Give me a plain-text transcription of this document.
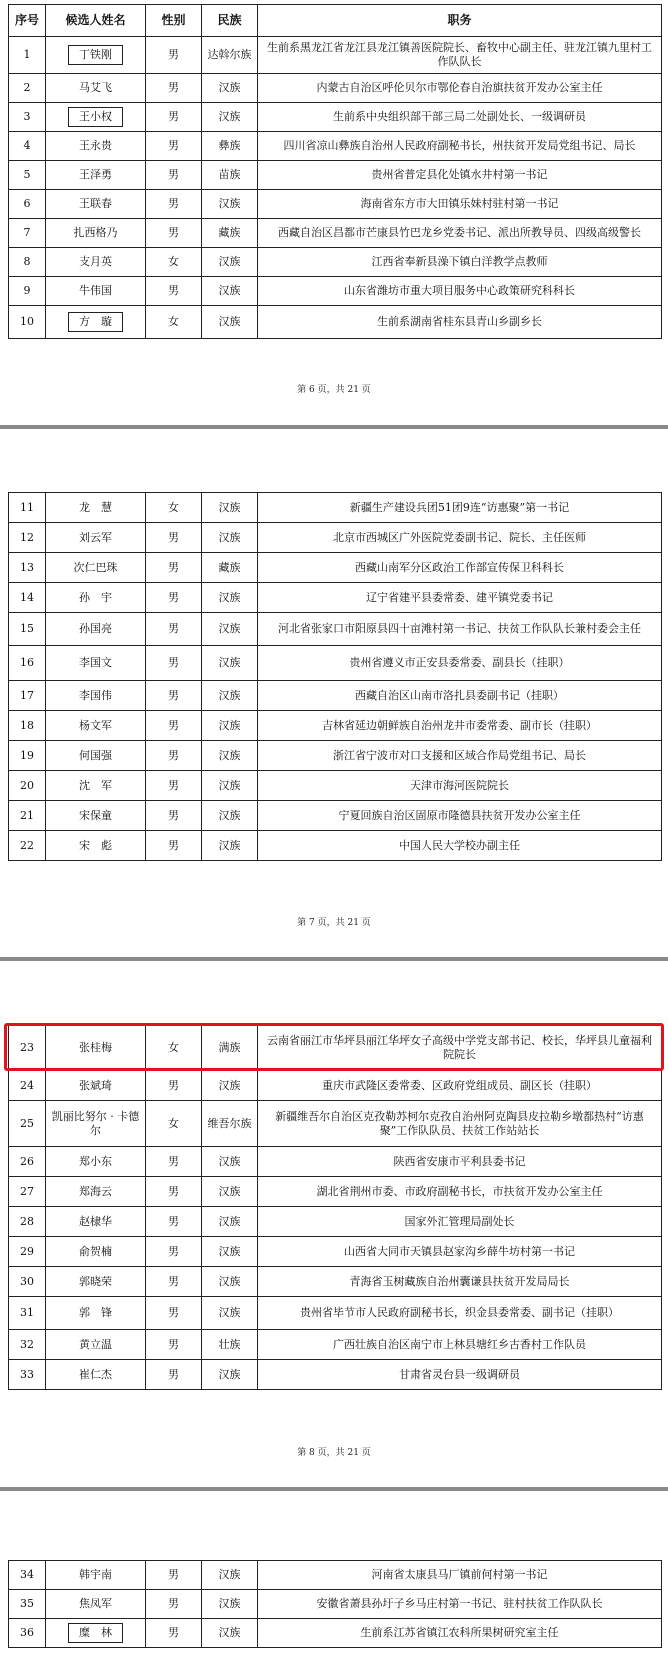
序号	候选人姓名	性别	民族	职务
1	丁铁刚	男	达斡尔族	生前系黑龙江省龙江县龙江镇善医院院长、畜牧中心副主任、驻龙江镇九里村工作队队长
2	马艾飞	男	汉族	内蒙古自治区呼伦贝尔市鄂伦春自治旗扶贫开发办公室主任
3	王小权	男	汉族	生前系中央组织部干部三局二处副处长、一级调研员
4	王永贵	男	彝族	四川省凉山彝族自治州人民政府副秘书长，州扶贫开发局党组书记、局长
5	王泽勇	男	苗族	贵州省普定县化处镇水井村第一书记
6	王联春	男	汉族	海南省东方市大田镇乐妹村驻村第一书记
7	扎西格乃	男	藏族	西藏自治区昌都市芒康县竹巴龙乡党委书记、派出所教导员、四级高级警长
8	支月英	女	汉族	江西省奉新县澡下镇白洋教学点教师
9	牛伟国	男	汉族	山东省潍坊市重大项目服务中心政策研究科科长
10	方　璇	女	汉族	生前系湖南省桂东县青山乡副乡长
第 6 页，共 21 页
11	龙　慧	女	汉族	新疆生产建设兵团51团9连“访惠聚”第一书记
12	刘云军	男	汉族	北京市西城区广外医院党委副书记、院长、主任医师
13	次仁巴珠	男	藏族	西藏山南军分区政治工作部宣传保卫科科长
14	孙　宇	男	汉族	辽宁省建平县委常委、建平镇党委书记
15	孙国亮	男	汉族	河北省张家口市阳原县四十亩滩村第一书记、扶贫工作队队长兼村委会主任
16	李国文	男	汉族	贵州省遵义市正安县委常委、副县长（挂职）
17	李国伟	男	汉族	西藏自治区山南市洛扎县委副书记（挂职）
18	杨文军	男	汉族	吉林省延边朝鲜族自治州龙井市委常委、副市长（挂职）
19	何国强	男	汉族	浙江省宁波市对口支援和区域合作局党组书记、局长
20	沈　军	男	汉族	天津市海河医院院长
21	宋保童	男	汉族	宁夏回族自治区固原市隆德县扶贫开发办公室主任
22	宋　彪	男	汉族	中国人民大学校办副主任
第 7 页，共 21 页
23	张桂梅	女	满族	云南省丽江市华坪县丽江华坪女子高级中学党支部书记、校长，华坪县儿童福利院院长
24	张斌琦	男	汉族	重庆市武隆区委常委、区政府党组成员、副区长（挂职）
25	凯丽比努尔 · 卡德尔	女	维吾尔族	新疆维吾尔自治区克孜勒苏柯尔克孜自治州阿克陶县皮拉勒乡墩都热村“访惠聚”工作队队员、扶贫工作站站长
26	郑小东	男	汉族	陕西省安康市平利县委书记
27	郑海云	男	汉族	湖北省荆州市委、市政府副秘书长，市扶贫开发办公室主任
28	赵棣华	男	汉族	国家外汇管理局副处长
29	俞贺楠	男	汉族	山西省大同市天镇县赵家沟乡薛牛坊村第一书记
30	郭晓荣	男	汉族	青海省玉树藏族自治州囊谦县扶贫开发局局长
31	郭　锋	男	汉族	贵州省毕节市人民政府副秘书长，织金县委常委、副书记（挂职）
32	黄立温	男	壮族	广西壮族自治区南宁市上林县塘红乡古香村工作队员
33	崔仁杰	男	汉族	甘肃省灵台县一级调研员
第 8 页，共 21 页
34	韩宇南	男	汉族	河南省太康县马厂镇前何村第一书记
35	焦凤军	男	汉族	安徽省萧县孙圩子乡马庄村第一书记、驻村扶贫工作队队长
36	糜　林	男	汉族	生前系江苏省镇江农科所果树研究室主任
